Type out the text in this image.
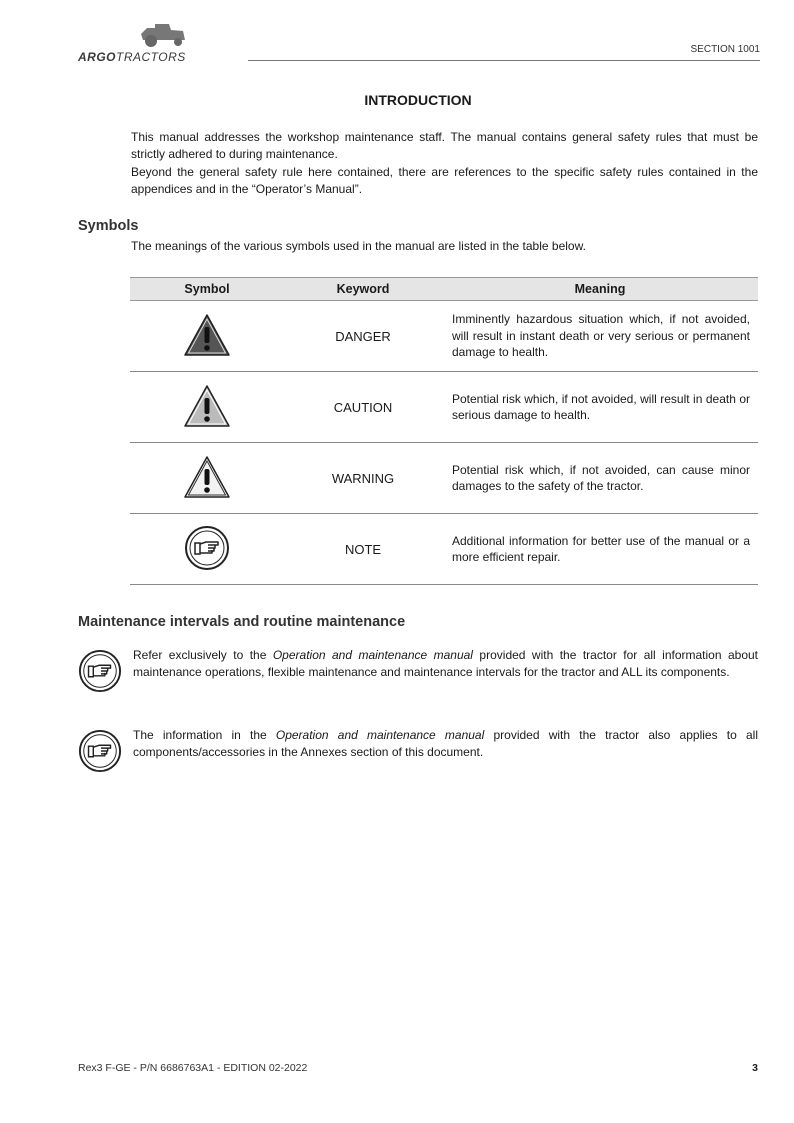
ARGOTRACTORS
SECTION 1001
INTRODUCTION

This manual addresses the workshop maintenance staff. The manual contains general safety rules that must be strictly adhered to during maintenance.

Beyond the general safety rule here contained, there are references to the specific safety rules contained in the appendices and in the “Operator’s Manual”.

Symbols
The meanings of the various symbols used in the manual are listed in the table below.
Symbol	Keyword	Meaning
	DANGER	Imminently hazardous situation which, if not avoided, will result in instant death or very serious or permanent damage to health.
	CAUTION	Potential risk which, if not avoided, will result in death or serious damage to health.
	WARNING	Potential risk which, if not avoided, can cause minor damages to the safety of the tractor.
	NOTE	Additional information for better use of the manual or a more efficient repair.
Maintenance intervals and routine maintenance
Refer exclusively to the Operation and maintenance manual provided with the tractor for all information about maintenance operations, flexible maintenance and maintenance intervals for the tractor and ALL its components.
The information in the Operation and maintenance manual provided with the tractor also applies to all components/accessories in the Annexes section of this document.
Rex3 F-GE - P/N 6686763A1 - EDITION 02-2022	3
